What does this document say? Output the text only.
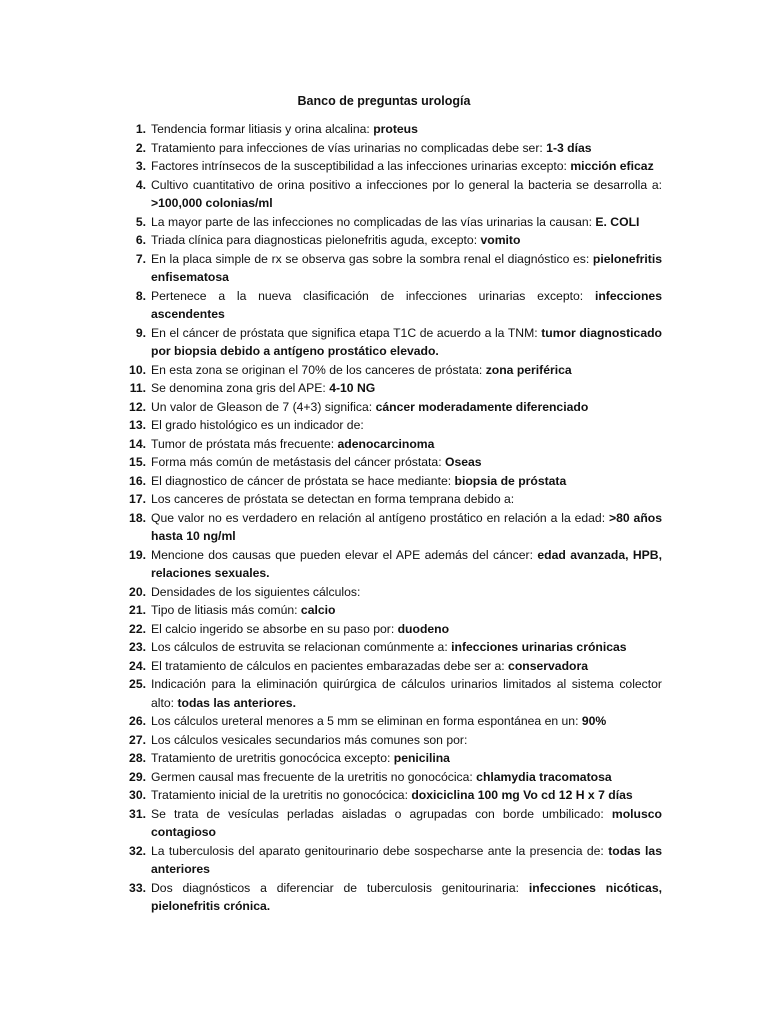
Banco de preguntas urología
1. Tendencia formar litiasis y orina alcalina: proteus
2. Tratamiento para infecciones de vías urinarias no complicadas debe ser: 1-3 días
3. Factores intrínsecos de la susceptibilidad a las infecciones urinarias excepto: micción eficaz
4. Cultivo cuantitativo de orina positivo a infecciones por lo general la bacteria se desarrolla a: >100,000 colonias/ml
5. La mayor parte de las infecciones no complicadas de las vías urinarias la causan: E. COLI
6. Triada clínica para diagnosticas pielonefritis aguda, excepto: vomito
7. En la placa simple de rx se observa gas sobre la sombra renal el diagnóstico es: pielonefritis enfisematosa
8. Pertenece a la nueva clasificación de infecciones urinarias excepto: infecciones ascendentes
9. En el cáncer de próstata que significa etapa T1C de acuerdo a la TNM: tumor diagnosticado por biopsia debido a antígeno prostático elevado.
10. En esta zona se originan el 70% de los canceres de próstata: zona periférica
11. Se denomina zona gris del APE: 4-10 NG
12. Un valor de Gleason de 7 (4+3) significa: cáncer moderadamente diferenciado
13. El grado histológico es un indicador de:
14. Tumor de próstata más frecuente: adenocarcinoma
15. Forma más común de metástasis del cáncer próstata: Oseas
16. El diagnostico de cáncer de próstata se hace mediante: biopsia de próstata
17. Los canceres de próstata se detectan en forma temprana debido a:
18. Que valor no es verdadero en relación al antígeno prostático en relación a la edad: >80 años hasta 10 ng/ml
19. Mencione dos causas que pueden elevar el APE además del cáncer: edad avanzada, HPB, relaciones sexuales.
20. Densidades de los siguientes cálculos:
21. Tipo de litiasis más común: calcio
22. El calcio ingerido se absorbe en su paso por: duodeno
23. Los cálculos de estruvita se relacionan comúnmente a: infecciones urinarias crónicas
24. El tratamiento de cálculos en pacientes embarazadas debe ser a: conservadora
25. Indicación para la eliminación quirúrgica de cálculos urinarios limitados al sistema colector alto: todas las anteriores.
26. Los cálculos ureteral menores a 5 mm se eliminan en forma espontánea en un: 90%
27. Los cálculos vesicales secundarios más comunes son por:
28. Tratamiento de uretritis gonocócica excepto: penicilina
29. Germen causal mas frecuente de la uretritis no gonocócica: chlamydia tracomatosa
30. Tratamiento inicial de la uretritis no gonocócica: doxiciclina 100 mg Vo cd 12 H x 7 días
31. Se trata de vesículas perladas aisladas o agrupadas con borde umbilicado: molusco contagioso
32. La tuberculosis del aparato genitourinario debe sospecharse ante la presencia de: todas las anteriores
33. Dos diagnósticos a diferenciar de tuberculosis genitourinaria: infecciones nicóticas, pielonefritis crónica.
